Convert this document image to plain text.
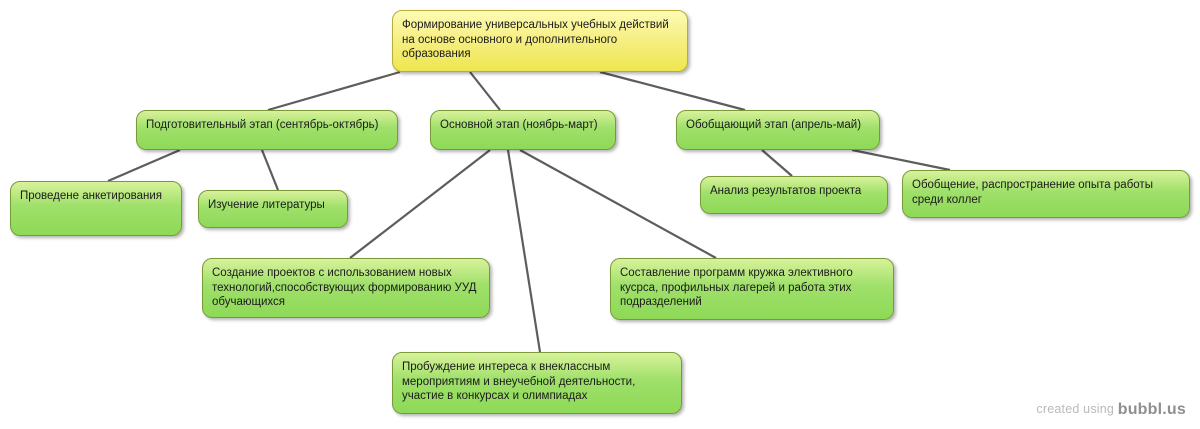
Формирование универсальных учебных действий на основе основного и дополнительного образования
Подготовительный этап (сентябрь-октябрь)
Проведене анкетирования
Изучение литературы
Основной этап (ноябрь-март)
Создание проектов с использованием новых технологий,способствующих формированию УУД обучающихся
Составление программ кружка элективного кусрса, профильных лагерей и работа этих подразделений
Пробуждение интереса к внеклассным мероприятиям и внеучебной деятельности, участие в конкурсах и олимпиадах
Обобщающий этап (апрель-май)
Анализ результатов проекта	Обобщение, распространение опыта работы среди коллег
created using bubbl.us
